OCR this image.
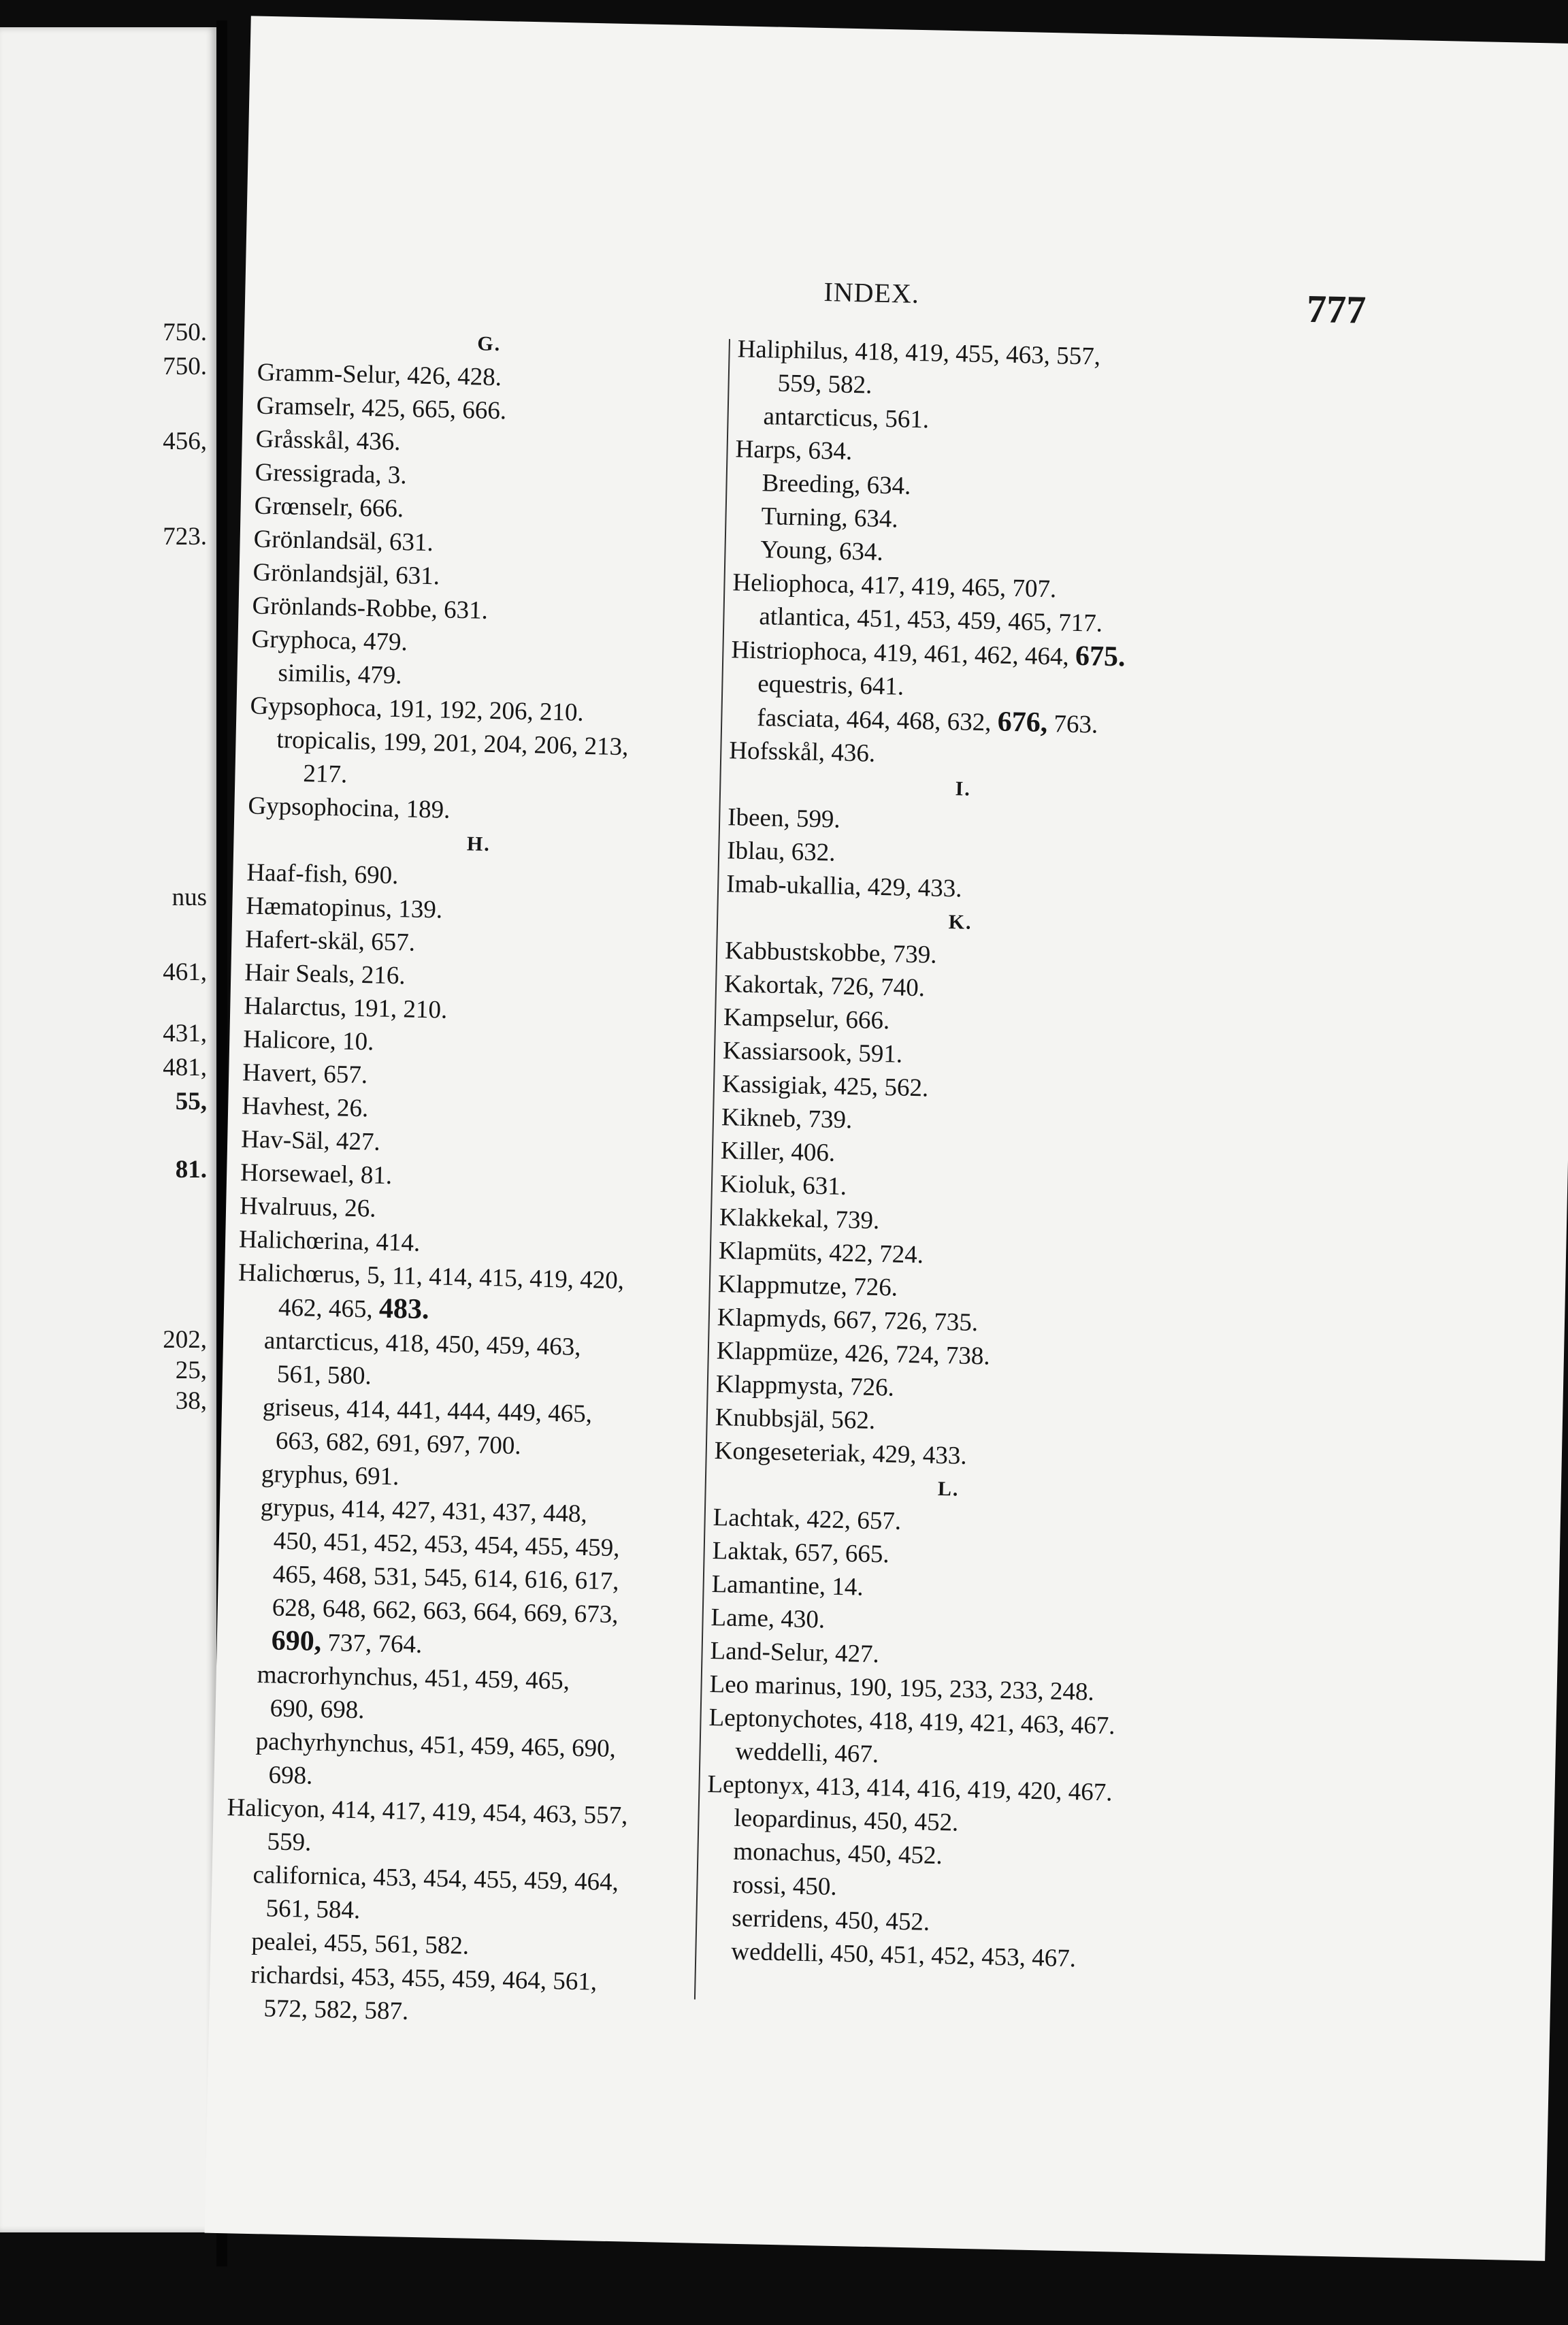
750.
750.
456,
723.
nus
461,
431,
481,
55,
81.
202,
25,
38,
INDEX.	777
G.
Gramm-Selur, 426, 428.
Gramselr, 425, 665, 666.
Gråsskål, 436.
Gressigrada, 3.
Grœnselr, 666.
Grönlandsäl, 631.
Grönlandsjäl, 631.
Grönlands-Robbe, 631.
Gryphoca, 479.
similis, 479.
Gypsophoca, 191, 192, 206, 210.
tropicalis, 199, 201, 204, 206, 213,
217.
Gypsophocina, 189.
H.
Haaf-fish, 690.
Hæmatopinus, 139.
Hafert-skäl, 657.
Hair Seals, 216.
Halarctus, 191, 210.
Halicore, 10.
Havert, 657.
Havhest, 26.
Hav-Säl, 427.
Horsewael, 81.
Hvalruus, 26.
Halichœrina, 414.
Halichœrus, 5, 11, 414, 415, 419, 420,
462, 465, 483.
antarcticus, 418, 450, 459, 463,
561, 580.
griseus, 414, 441, 444, 449, 465,
663, 682, 691, 697, 700.
gryphus, 691.
grypus, 414, 427, 431, 437, 448,
450, 451, 452, 453, 454, 455, 459,
465, 468, 531, 545, 614, 616, 617,
628, 648, 662, 663, 664, 669, 673,
690, 737, 764.
macrorhynchus, 451, 459, 465,
690, 698.
pachyrhynchus, 451, 459, 465, 690,
698.
Halicyon, 414, 417, 419, 454, 463, 557,
559.
californica, 453, 454, 455, 459, 464,
561, 584.
pealei, 455, 561, 582.
richardsi, 453, 455, 459, 464, 561,
572, 582, 587.
Haliphilus, 418, 419, 455, 463, 557,
559, 582.
antarcticus, 561.
Harps, 634.
Breeding, 634.
Turning, 634.
Young, 634.
Heliophoca, 417, 419, 465, 707.
atlantica, 451, 453, 459, 465, 717.
Histriophoca, 419, 461, 462, 464, 675.
equestris, 641.
fasciata, 464, 468, 632, 676, 763.
Hofsskål, 436.
I.
Ibeen, 599.
Iblau, 632.
Imab-ukallia, 429, 433.
K.
Kabbustskobbe, 739.
Kakortak, 726, 740.
Kampselur, 666.
Kassiarsook, 591.
Kassigiak, 425, 562.
Kikneb, 739.
Killer, 406.
Kioluk, 631.
Klakkekal, 739.
Klapmüts, 422, 724.
Klappmutze, 726.
Klapmyds, 667, 726, 735.
Klappmüze, 426, 724, 738.
Klappmysta, 726.
Knubbsjäl, 562.
Kongeseteriak, 429, 433.
L.
Lachtak, 422, 657.
Laktak, 657, 665.
Lamantine, 14.
Lame, 430.
Land-Selur, 427.
Leo marinus, 190, 195, 233, 233, 248.
Leptonychotes, 418, 419, 421, 463, 467.
weddelli, 467.
Leptonyx, 413, 414, 416, 419, 420, 467.
leopardinus, 450, 452.
monachus, 450, 452.
rossi, 450.
serridens, 450, 452.
weddelli, 450, 451, 452, 453, 467.
